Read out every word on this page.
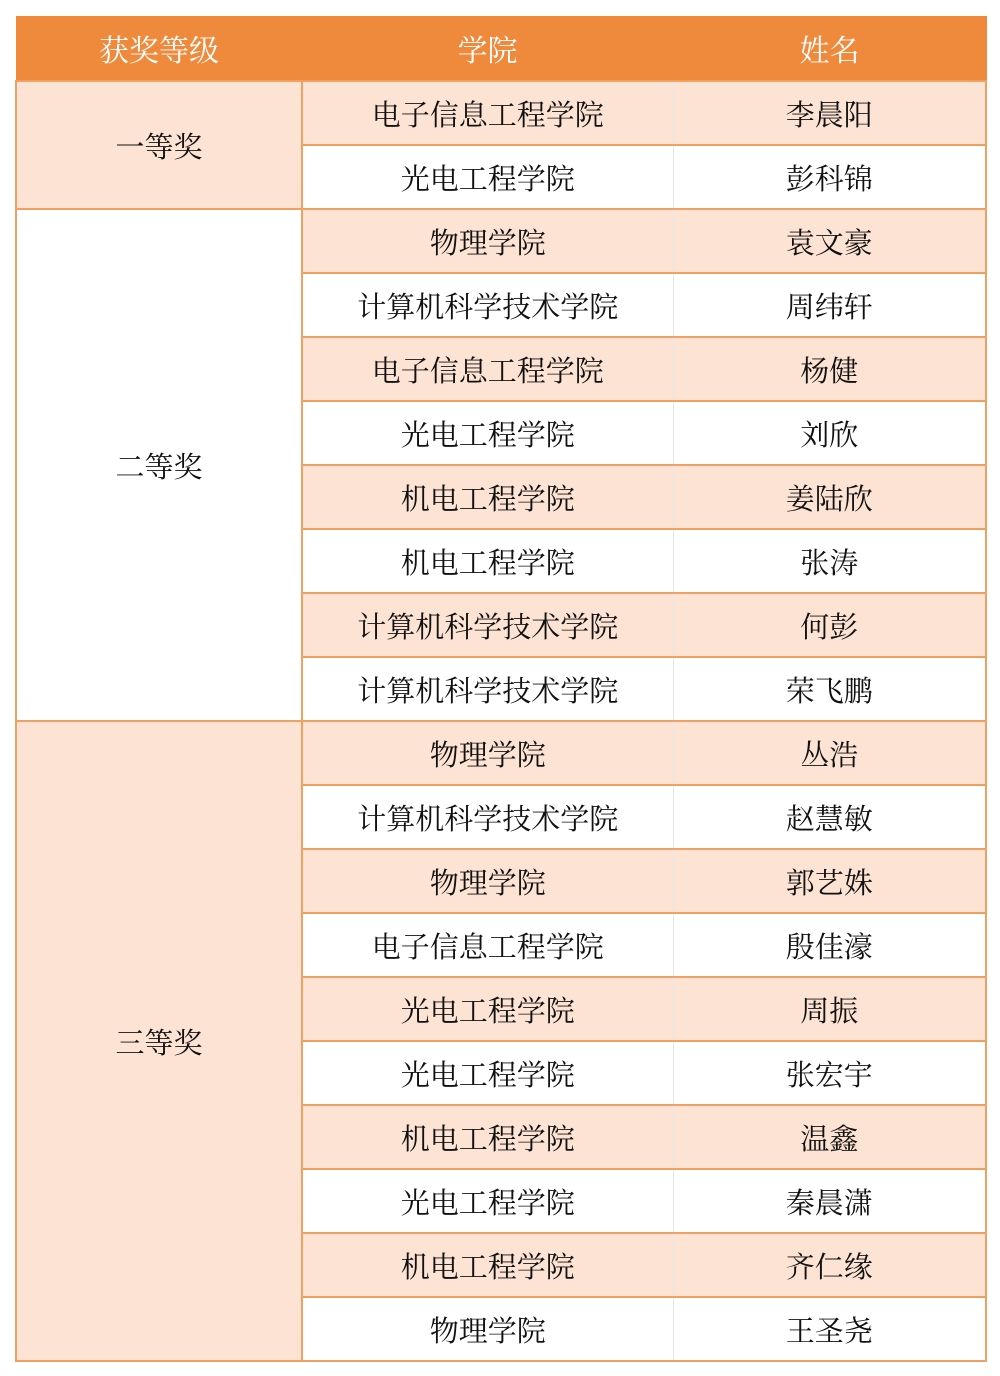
获奖等级	学院	姓名
一等奖	电子信息工程学院	李晨阳
	光电工程学院	彭科锦
二等奖	物理学院	袁文豪
	计算机科学技术学院	周纬轩
	电子信息工程学院	杨健
	光电工程学院	刘欣
	机电工程学院	姜陆欣
	机电工程学院	张涛
	计算机科学技术学院	何彭
	计算机科学技术学院	荣飞鹏
三等奖	物理学院	丛浩
	计算机科学技术学院	赵慧敏
	物理学院	郭艺姝
	电子信息工程学院	殷佳濠
	光电工程学院	周振
	光电工程学院	张宏宇
	机电工程学院	温鑫
	光电工程学院	秦晨潇
	机电工程学院	齐仁缘
	物理学院	王圣尧
